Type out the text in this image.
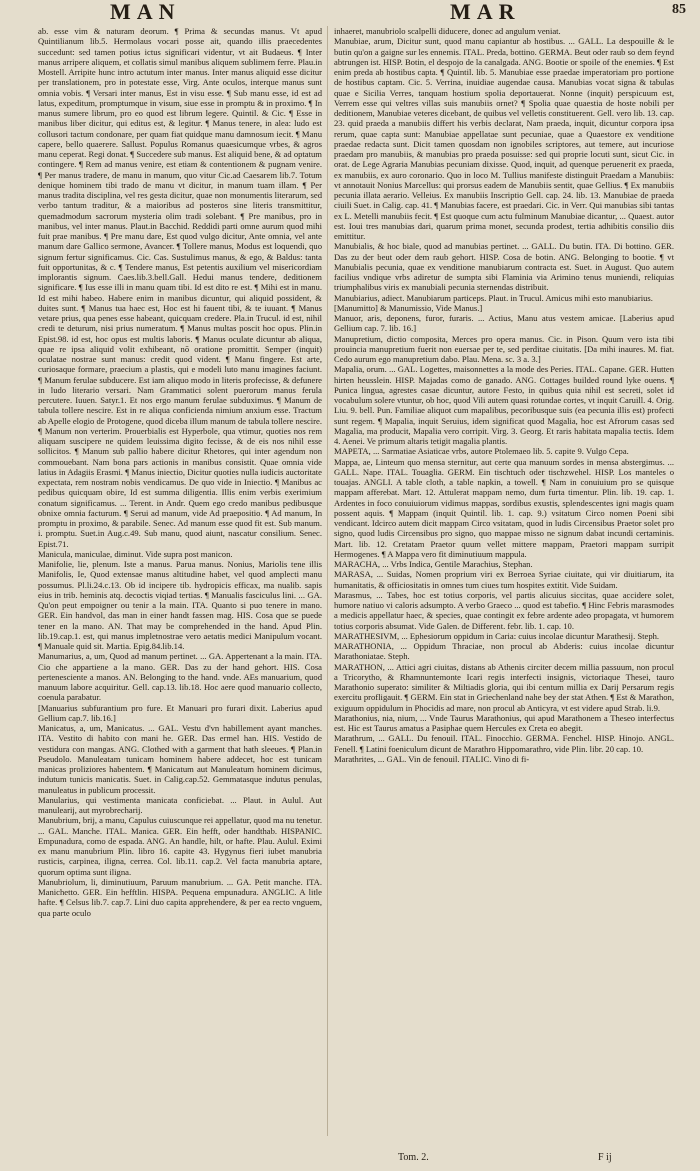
MAN	MAR	85

ab. esse vim & naturam deorum. ¶ Prima & secundas manus. Vt apud Quintilianum lib.5. Hermolaus vocari posse ait, quando illis praecedentes succedunt: sed tamen potius ictus significari videntur, vt ait Budaeus. ¶ Inter manus arripere aliquem, et collatis simul manibus aliquem sublimem ferre. Plau.in Mostell. Arripite hunc intro actutum inter manus. Inter manus aliquid esse dicitur per translationem, pro in potestate esse, Virg. Ante oculos, interque manus sunt omnia vobis. ¶ Versari inter manus, Est in visu esse. ¶ Sub manu esse, id est ad latus, expeditum, promptumque in visum, siue esse in promptu & in proximo. ¶ In manus sumere librum, pro eo quod est librum legere. Quintil. & Cic. ¶ Esse in manibus liber dicitur, qui editus est, & legitur. ¶ Manus tenere, in alea: ludo est collusori tactum condonare, per quam fiat quidque manu damnosum iecit. ¶ Manu capere, bello quaerere. Sallust. Populus Romanus quaesicumque vrbes, & agros manu ceperat. Regi donat. ¶ Succedere sub manus. Est aliquid bene, & ad optatum contingere. ¶ Rem ad manus venire, est etiam & contentionem & pugnam venire. ¶ Per manus tradere, de manu in manum, quo vitur Cic.ad Caesarem lib.7. Totum denique hominem tibi trado de manu vt dicitur, in manum tuam illam. ¶ Per manus tradita disciplina, vel res gesta dicitur, quae non monumentis literarum, sed verbo tantum traditur, & a maioribus ad posteros sine literis transmittitur, quemadmodum sacrorum mysteria olim tradi solebant. ¶ Pre manibus, pro in manibus, vel inter manus. Plaut.in Bacchid. Reddidi parti omne aurum quod mihi fuit prae manibus. ¶ Pre manu dare, Est quod vulgo dicitur, Ante omnia, vel ante manum dare Gallico sermone, Avancer. ¶ Tollere manus, Modus est loquendi, quo signum fertur significamus. Cic. Cas. Sustulimus manus, & ego, & Baldus: tanta fuit opportunitas, & c. ¶ Tendere manus, Est petentis auxilium vel misericordiam implorantis signum. Caes.lib.3.bell.Gall. Hedui manus tendere, deditionem significare. ¶ Ius esse illi in manu quam tibi. Id est dito re est. ¶ Mihi est in manu. Id est mihi habeo. Habere enim in manibus dicuntur, qui aliquid possident, & duites sunt. ¶ Manus tua haec est, Hoc est hi fauent tibi, & te iuuant. ¶ Manus vetare prius, qua penes esse habeant, quicquam credere. Pla.in Trucul. id est, nihil credi te deturum, nisi prius numeratum. ¶ Manus multas poscit hoc opus. Plin.in Epist.98. id est, hoc opus est multis laboris. ¶ Manus oculate dicuntur ab aliqua, quae re ipsa aliquid volit exhibeant, nō oratione promittit. Semper (inquit) oculatae nostrae sunt manus: credit quod vident. ¶ Manu fingere. Est arte, curiosaque formare, praecium a plastis, qui e modeli luto manu imagines faciunt. ¶ Manum ferulae subducere. Est iam aliquo modo in literis profecisse, & defunere in ludo literario versari. Nam Grammatici solent puerorum manus ferula percutere. Iuuen. Satyr.1. Et nos ergo manum ferulae subduximus. ¶ Manum de tabula tollere nescire. Est in re aliqua conficienda nimium anxium esse. Tractum ab Apelle elogio de Protogene, quod diceba illum manum de tabula tollere nescire. ¶ Manum non verterim. Prouerbialis est Hyperbole, qua vtimur, quoties nos rem aliquam suscipere ne quidem leuissima digito fecisse, & de eis nos nihil esse sollicitos. ¶ Manum sub pallio habere dicitur Rhetores, qui inter agendum non commouebant. Nam bona pars actionis in manibus consistit. Quae omnia vide latius in Adagiis Erasmi. ¶ Manus iniectio, Dicitur quoties nulla iudicis auctoritate expectata, rem nostram nobis vendicamus. De quo vide in Iniectio. ¶ Manibus ac pedibus quicquam obire, Id est summa diligentia. Illis enim verbis exerimium conatum significamus. ... Terent. in Andr. Quem ego credo manibus pedibusque obnixe omnia facturum. ¶ Serui ad manum, vide Ad praepositio. ¶ Ad manum, In promptu in proximo, & parabile. Senec. Ad manum esse quod fit est. Sub manum. i. promptu. Suet.in Aug.c.49. Sub manu, quod aiunt, nascatur consilium. Senec. Epist.71.

Manicula, maniculae, diminut. Vide supra post manicon.

Manifolie, lie, plenum. Iste a manus. Parua manus. Nonius, Mariolis tene illis Manifolis, Ie, Quod extensae manus altitudine habet, vel quod amplecti manu possumus. Pl.li.24.c.13. Ob id incipere tib. hydropicis efficax, ma nualib. sapis eius in trib. heminis atq. decoctis viqiad tertias. ¶ Manualis fasciculus lini. ... GA. Qu'on peut empoigner ou tenir a la main. ITA. Quanto si puo tenere in mano. GER. Ein handvol, das man in einer handt fassen mag. HIS. Cosa que se puede tener en la mano. AN. That may be comprehended in the hand. Apud Plin. lib.19.cap.1. est, qui manus impletnostrae vero aetatis medici Manipulum vocant. ¶ Manuale quid sit. Martia. Epig.84.lib.14.

Manumarius, a, um, Quod ad manum pertinet. ... GA. Appertenant a la main. ITA. Cio che appartiene a la mano. GER. Das zu der hand gehort. HIS. Cosa pertenesciente a manos. AN. Belonging to the hand. vnde. AEs manuarium, quod manuum labore acquiritur. Gell. cap.13. lib.18. Hoc aere quod manuario collecto, coenula parabatur.

[Manuarius subfurantium pro fure. Et Manuari pro furari dixit. Laberius apud Gellium cap.7. lib.16.]

Manicatus, a, um, Manicatus. ... GAL. Vestu d'vn habillement ayant manches. ITA. Vestito di habito con mani he. GER. Das ermel han. HIS. Vestido de vestidura con mangas. ANG. Clothed with a garment that hath sleeues. ¶ Plan.in Pseudolo. Manuleatam tunicam hominem habere addecet, hoc est tunicam manicas proliziores habentem. ¶ Manicatum aut Manuleatum hominem dicimus, indutum tunicis manicatis. Suet. in Calig.cap.52. Gemmatasque indutus penulas, manuleatus in publicum processit.

Manularius, qui vestimenta manicata conficiebat. ... Plaut. in Aulul. Aut manulearij, aut myrobrecharij.

Manubrium, brij, a manu, Capulus cuiuscunque rei appellatur, quod ma nu tenetur. ... GAL. Manche. ITAL. Manica. GER. Ein hefft, oder handthab. HISPANIC. Empunadura, como de espada. ANG. An handle, hilt, or hafte. Plau. Aulul. Eximi ex manu manubrium Plin. libro 16. capite 43. Hygynus fieri iubet manubria rusticis, carpinea, iligna, cerrea. Col. lib.11. cap.2. Vel facta manubria aptare, quorum optima sunt iligna.

Manubriolum, li, diminutiuum, Paruum manubrium. ... GA. Petit manche. ITA. Manichetto. GER. Ein hefftlin. HISPA. Pequena empunadura. ANGLIC. A litle hafte. ¶ Celsus lib.7. cap.7. Lini duo capita apprehendere, & per ea recto vnguem, qua parte oculo

inhaeret, manubriolo scalpelli diducere, donec ad angulum veniat.

Manubiae, arum, Dicitur sunt, quod manu capiantur ab hostibus. ... GALL. La despouille & le butin qu'on a gaigne sur les ennemis. ITAL. Preda, bottino. GERMA. Beut oder raub so dem feynd abtrungen ist. HISP. Botin, el despojo de la canalgada. ANG. Bootie or spoile of the enemies. ¶ Est enim preda ab hostibus capta. ¶ Quintil. lib. 5. Manubiae esse praedae imperatoriam pro portione de hostibus captam. Cic. 5. Verrina, inuidiae augendae causa. Manubias vocat signa & tabulas quae e Sicilia Verres, tanquam hostium spolia deportauerat. Nonne (inquit) perspicuum est, Verrem esse qui veltres villas suis manubiis ornet? ¶ Spolia quae quaestia de hoste nobili per deditionem, Manubiae veteres dicebant, de quibus vel velletis constituerent. Gell. vero lib. 13. cap. 23. quid praeda a manubiis differt his verbis declarat, Nam praeda, inquit, dicuntur corpora ipsa rerum, quae capta sunt: Manubiae appellatae sunt pecuniae, quae a Quaestore ex venditione praedae redacta sunt. Dicit tamen quosdam non ignobiles scriptores, aut temere, aut incuriose praedam pro manubiis, & manubias pro praeda posuisse: sed qui proprie locuti sunt, sicut Cic. in orat. de Lege Agraria Manubias pecuniam dixisse. Quod, inquit, ad quenque peruenerit ex praeda, ex manubiis, ex auro coronario. Quo in loco M. Tullius manifeste distinguit Praedam a Manubiis: vt annotauit Nonius Marcellus: qui prorsus eadem de Manubiis sentit, quae Gellius. ¶ Ex manubiis pecunia illata aerario. Velleius. Ex manubiis Inscriptio Gell. cap. 24. lib. 13. Manubiae de praeda ciuili Suet. in Calig. cap. 41. ¶ Manubias facere, est praedari. Cic. in Verr. Qui manubias sibi tantas ex L. Metelli manubiis fecit. ¶ Est quoque cum actu fulminum Manubiae dicantur, ... Quaest. autor est. Ioui tres manubias dari, quarum prima monet, secunda prodest, tertia adhibitis consilio diis emittitur.

Manubialis, & hoc biale, quod ad manubias pertinet. ... GALL. Du butin. ITA. Di bottino. GER. Das zu der beut oder dem raub gehort. HISP. Cosa de botin. ANG. Belonging to bootie. ¶ vt Manubialis pecunia, quae ex venditione manubiarum contracta est. Suet. in August. Quo autem facilius vndique vrbs adiretur de sumpta sibi Flaminia via Arimino tenus muniendi, reliquias triumphalibus viris ex manubiali pecunia sternendas distribuit.

Manubiarius, adiect. Manubiarum particeps. Plaut. in Trucul. Amicus mihi esto manubiarius.

[Manumitto] & Manumissio, Vide Manus.]

Manuor, aris, deponens, furor, furaris. ... Actius, Manu atus vestem amicae. [Laberius apud Gellium cap. 7. lib. 16.]

Manupretium, dictio composita, Merces pro opera manus. Cic. in Pison. Quum vero ista tibi prouincia manupretium fuerit non euersae per te, sed perditae ciuitatis. [Da mihi inaures. M. fiat. Cedo aurum ego manupretium dabo. Plau. Mena. sc. 3 a. 3.]

Mapalia, orum. ... GAL. Logettes, maisonnettes a la mode des Peries. ITAL. Capane. GER. Hutten hirten heusslein. HISP. Majadas como de ganado. ANG. Cottages builded round lyke ouens. ¶ Punica lingua, agrestes casae dicuntur, autore Festo, in quibus quia nihil est secreti, solet id vocabulum solere vtuntur, ob hoc, quod Vili autem quasi rotundae cortes, vt inquit Caruill. 4. Orig. Liu. 9. bell. Pun. Familiae aliquot cum mapalibus, pecoribusque suis (ea pecunia illis est) profecti sunt regem. ¶ Mapalia, inquit Seruius, idem significat quod Magalia, hoc est Afrorum casas sed Magalia, ma producit, Mapalia vero corripit. Virg. 3. Georg. Et raris habitata mapalia tectis. Idem 4. Aenei. Ve primum altaris tetigit magalia plantis.

MAPETA, ... Sarmatiae Asiaticae vrbs, autore Ptolemaeo lib. 5. capite 9. Vulgo Cepa.

Mappa, ae, Linteum quo mensa sternitur, aut certe qua manuum sordes in mensa abstergimus. ... GALL. Nape. ITAL. Touaglia. GERM. Ein tischtuch oder tischzwehel. HISP. Los manteles o touajas. ANGLI. A table cloth, a table napkin, a towell. ¶ Nam in conuiuium pro se quisque mappam afferebat. Mart. 12. Attulerat mappam nemo, dum furta timentur. Plin. lib. 19. cap. 1. Ardentes in foco conuiuiorum vidimus mappas, sordibus exustis, splendescentes igni magis quam possent aquis. ¶ Mappam (inquit Quintil. lib. 1. cap. 9.) vsitatum Circo nomen Poeni sibi vendicant. Idcirco autem dicit mappam Circo vsitatam, quod in ludis Circensibus Praetor solet pro signo, quod ludis Circensibus pro signo, quo mappae misso ne signum dabat incundi certaminis. Mart. lib. 12. Cretatam Praetor quum vellet mittere mappam, Praetori mappam surripit Hermogenes. ¶ A Mappa vero fit diminutiuum mappula.

MARACHA, ... Vrbs Indica, Gentile Marachius, Stephan.

MARASA, ... Suidas, Nomen proprium viri ex Berroea Syriae ciuitate, qui vir diuitiarum, ita humanitatis, & officiositatis in omnes tum ciues tum hospites extitit. Vide Suidam.

Marasmus, ... Tabes, hoc est totius corporis, vel partis alicuius siccitas, quae accidere solet, humore natiuo vi caloris adsumpto. A verbo Graeco ... quod est tabefio. ¶ Hinc Febris marasmodes a medicis appellatur haec, & species, quae contingit ex febre ardente adeo propagata, vt humorem totius corporis absumat. Vide Galen. de Different. febr. lib. 1. cap. 10.

MARATHESIVM, ... Ephesiorum oppidum in Caria: cuius incolae dicuntur Marathesij. Steph.

MARATHONIA, ... Oppidum Thraciae, non procul ab Abderis: cuius incolae dicuntur Marathoniatae. Steph.

MARATHON, ... Attici agri ciuitas, distans ab Athenis circiter decem millia passuum, non procul a Tricorytho, & Rhamnuntemonte Icari regis interfecti insignis, victoriaque Thesei, tauro Marathonio superato: similiter & Miltiadis gloria, qui ibi centum millia ex Darij Persarum regis exercitu profligauit. ¶ GERM. Ein stat in Griechenland nahe bey der stat Athen. ¶ Est & Marathon, exiguum oppidulum in Phocidis ad mare, non procul ab Anticyra, vt est videre apud Strab. li.9.

Marathonius, nia, nium, ... Vnde Taurus Marathonius, qui apud Marathonem a Theseo interfectus est. Hic est Taurus amatus a Pasiphae quem Hercules ex Creta eo abegit.

Marathrum, ... GALL. Du fenouil. ITAL. Finocchio. GERMA. Fenchel. HISP. Hinojo. ANGL. Fenell. ¶ Latini foeniculum dicunt de Marathro Hippomarathro, vide Plin. libr. 20 cap. 10.

Marathrites, ... GAL. Vin de fenouil. ITALIC. Vino di fi-

Tom. 2.	F ij
